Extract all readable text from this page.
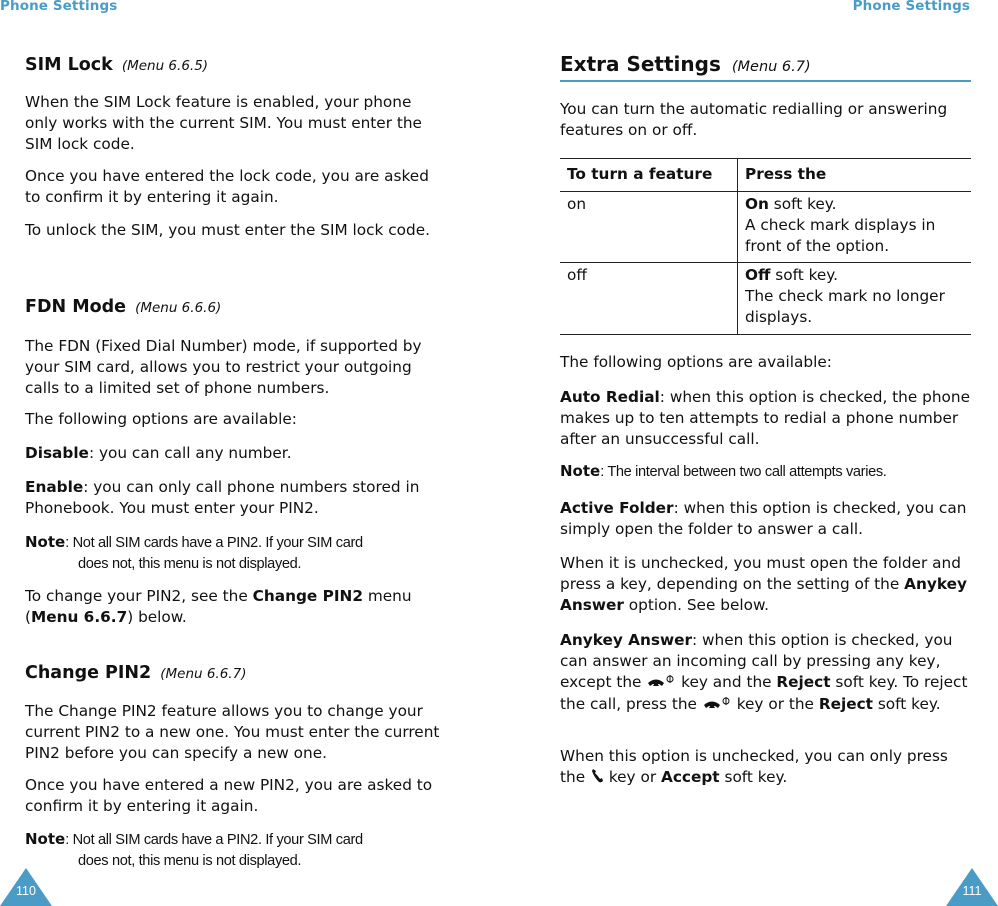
Phone Settings
SIM Lock (Menu 6.6.5)

When the SIM Lock feature is enabled, your phone only works with the current SIM. You must enter the SIM lock code.

Once you have entered the lock code, you are asked to confirm it by entering it again.

To unlock the SIM, you must enter the SIM lock code.

FDN Mode (Menu 6.6.6)

The FDN (Fixed Dial Number) mode, if supported by your SIM card, allows you to restrict your outgoing calls to a limited set of phone numbers.

The following options are available:

Disable: you can call any number.

Enable: you can only call phone numbers stored in Phonebook. You must enter your PIN2.

Note: Not all SIM cards have a PIN2. If your SIM card
does not, this menu is not displayed.

To change your PIN2, see the Change PIN2 menu (Menu 6.6.7) below.

Change PIN2 (Menu 6.6.7)

The Change PIN2 feature allows you to change your current PIN2 to a new one. You must enter the current PIN2 before you can specify a new one.

Once you have entered a new PIN2, you are asked to confirm it by entering it again.

Note: Not all SIM cards have a PIN2. If your SIM card
does not, this menu is not displayed.
110
Phone Settings
Extra Settings (Menu 6.7)

You can turn the automatic redialling or answering features on or off.

To turn a feature	Press the
on	On soft key.
A check mark displays in front of the option.
off	Off soft key.
The check mark no longer displays.

The following options are available:

Auto Redial: when this option is checked, the phone makes up to ten attempts to redial a phone number after an unsuccessful call.

Note: The interval between two call attempts varies.

Active Folder: when this option is checked, you can simply open the folder to answer a call.

When it is unchecked, you must open the folder and press a key, depending on the setting of the Anykey Answer option. See below.

Anykey Answer: when this option is checked, you can answer an incoming call by pressing any key, except the  key and the Reject soft key. To reject the call, press the  key or the Reject soft key.

When this option is unchecked, you can only press the  key or Accept soft key.

111
